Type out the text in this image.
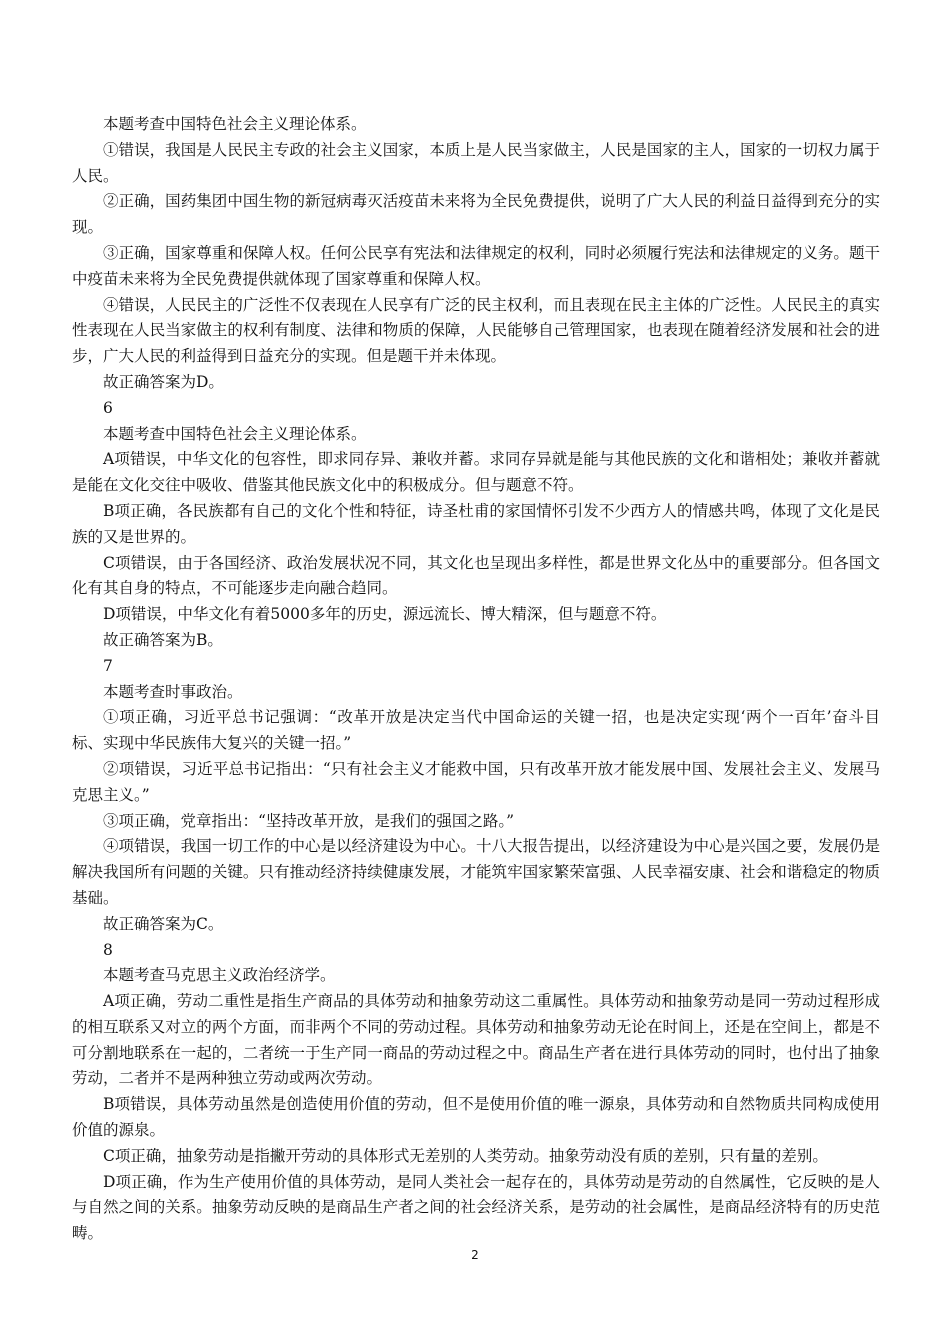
本题考查中国特色社会主义理论体系。

①错误，我国是人民民主专政的社会主义国家，本质上是人民当家做主，人民是国家的主人，国家的一切权力属于人民。

②正确，国药集团中国生物的新冠病毒灭活疫苗未来将为全民免费提供，说明了广大人民的利益日益得到充分的实现。

③正确，国家尊重和保障人权。任何公民享有宪法和法律规定的权利，同时必须履行宪法和法律规定的义务。题干中疫苗未来将为全民免费提供就体现了国家尊重和保障人权。

④错误，人民民主的广泛性不仅表现在人民享有广泛的民主权利，而且表现在民主主体的广泛性。人民民主的真实性表现在人民当家做主的权利有制度、法律和物质的保障，人民能够自己管理国家，也表现在随着经济发展和社会的进步，广大人民的利益得到日益充分的实现。但是题干并未体现。

故正确答案为D。

6

本题考查中国特色社会主义理论体系。

A项错误，中华文化的包容性，即求同存异、兼收并蓄。求同存异就是能与其他民族的文化和谐相处；兼收并蓄就是能在文化交往中吸收、借鉴其他民族文化中的积极成分。但与题意不符。

B项正确，各民族都有自己的文化个性和特征，诗圣杜甫的家国情怀引发不少西方人的情感共鸣，体现了文化是民族的又是世界的。

C项错误，由于各国经济、政治发展状况不同，其文化也呈现出多样性，都是世界文化丛中的重要部分。但各国文化有其自身的特点，不可能逐步走向融合趋同。

D项错误，中华文化有着5000多年的历史，源远流长、博大精深，但与题意不符。

故正确答案为B。

7

本题考查时事政治。

①项正确，习近平总书记强调：“改革开放是决定当代中国命运的关键一招，也是决定实现‘两个一百年’奋斗目标、实现中华民族伟大复兴的关键一招。”

②项错误，习近平总书记指出：“只有社会主义才能救中国，只有改革开放才能发展中国、发展社会主义、发展马克思主义。”

③项正确，党章指出：“坚持改革开放，是我们的强国之路。”

④项错误，我国一切工作的中心是以经济建设为中心。十八大报告提出，以经济建设为中心是兴国之要，发展仍是解决我国所有问题的关键。只有推动经济持续健康发展，才能筑牢国家繁荣富强、人民幸福安康、社会和谐稳定的物质基础。

故正确答案为C。

8

本题考查马克思主义政治经济学。

A项正确，劳动二重性是指生产商品的具体劳动和抽象劳动这二重属性。具体劳动和抽象劳动是同一劳动过程形成的相互联系又对立的两个方面，而非两个不同的劳动过程。具体劳动和抽象劳动无论在时间上，还是在空间上，都是不可分割地联系在一起的，二者统一于生产同一商品的劳动过程之中。商品生产者在进行具体劳动的同时，也付出了抽象劳动，二者并不是两种独立劳动或两次劳动。

B项错误，具体劳动虽然是创造使用价值的劳动，但不是使用价值的唯一源泉，具体劳动和自然物质共同构成使用价值的源泉。

C项正确，抽象劳动是指撇开劳动的具体形式无差别的人类劳动。抽象劳动没有质的差别，只有量的差别。

D项正确，作为生产使用价值的具体劳动，是同人类社会一起存在的，具体劳动是劳动的自然属性，它反映的是人与自然之间的关系。抽象劳动反映的是商品生产者之间的社会经济关系，是劳动的社会属性，是商品经济特有的历史范畴。

2
